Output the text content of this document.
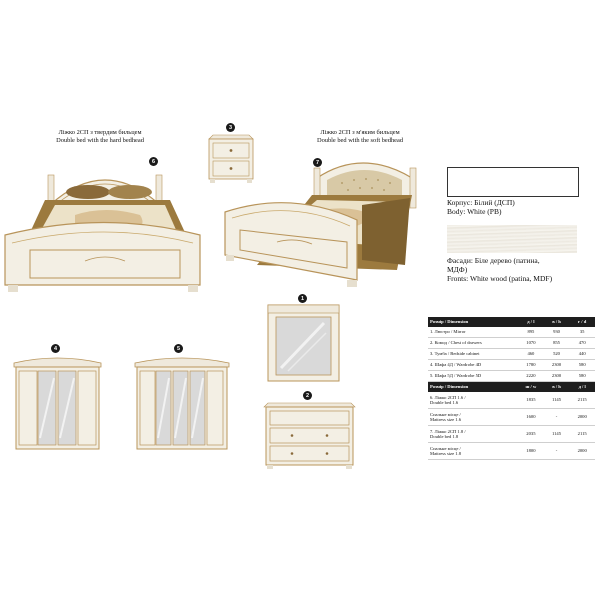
Ліжко 2СП з твердим бильцем
Double bed with the hard bedhead
6
3
Ліжко 2СП з м'яким бильцем
Double bed with the soft bedhead
7
Корпус: Білий (ДСП)
Body: White (PB)
Фасади: Біле дерево (патина,
МДФ)
Fronts: White wood (patina, MDF)
1
4	5
2
Розмір / Dimension	д / l	в / h	г / d
1. Люстро / Mirror	895	930	35
2. Комод / Chest of drawers	1070	855	470
3. Тумба / Bedside cabinet	460	520	440
4. Шафа 4Д / Wardrobe 4D	1780	2300	580
5. Шафа 5Д / Wardrobe 5D	2220	2300	580
Розмір / Dimension	ш / w	в / h	д / l

6. Ліжко 2СП 1.6 /
Double bed 1.6	1835	1145	2115

Спальне місце /
Mattress size 1.6	1600	-	2000

7. Ліжко 2СП 1.8 /
Double bed 1.8	2035	1145	2115

Спальне місце /
Mattress size 1.8	1800	-	2000
